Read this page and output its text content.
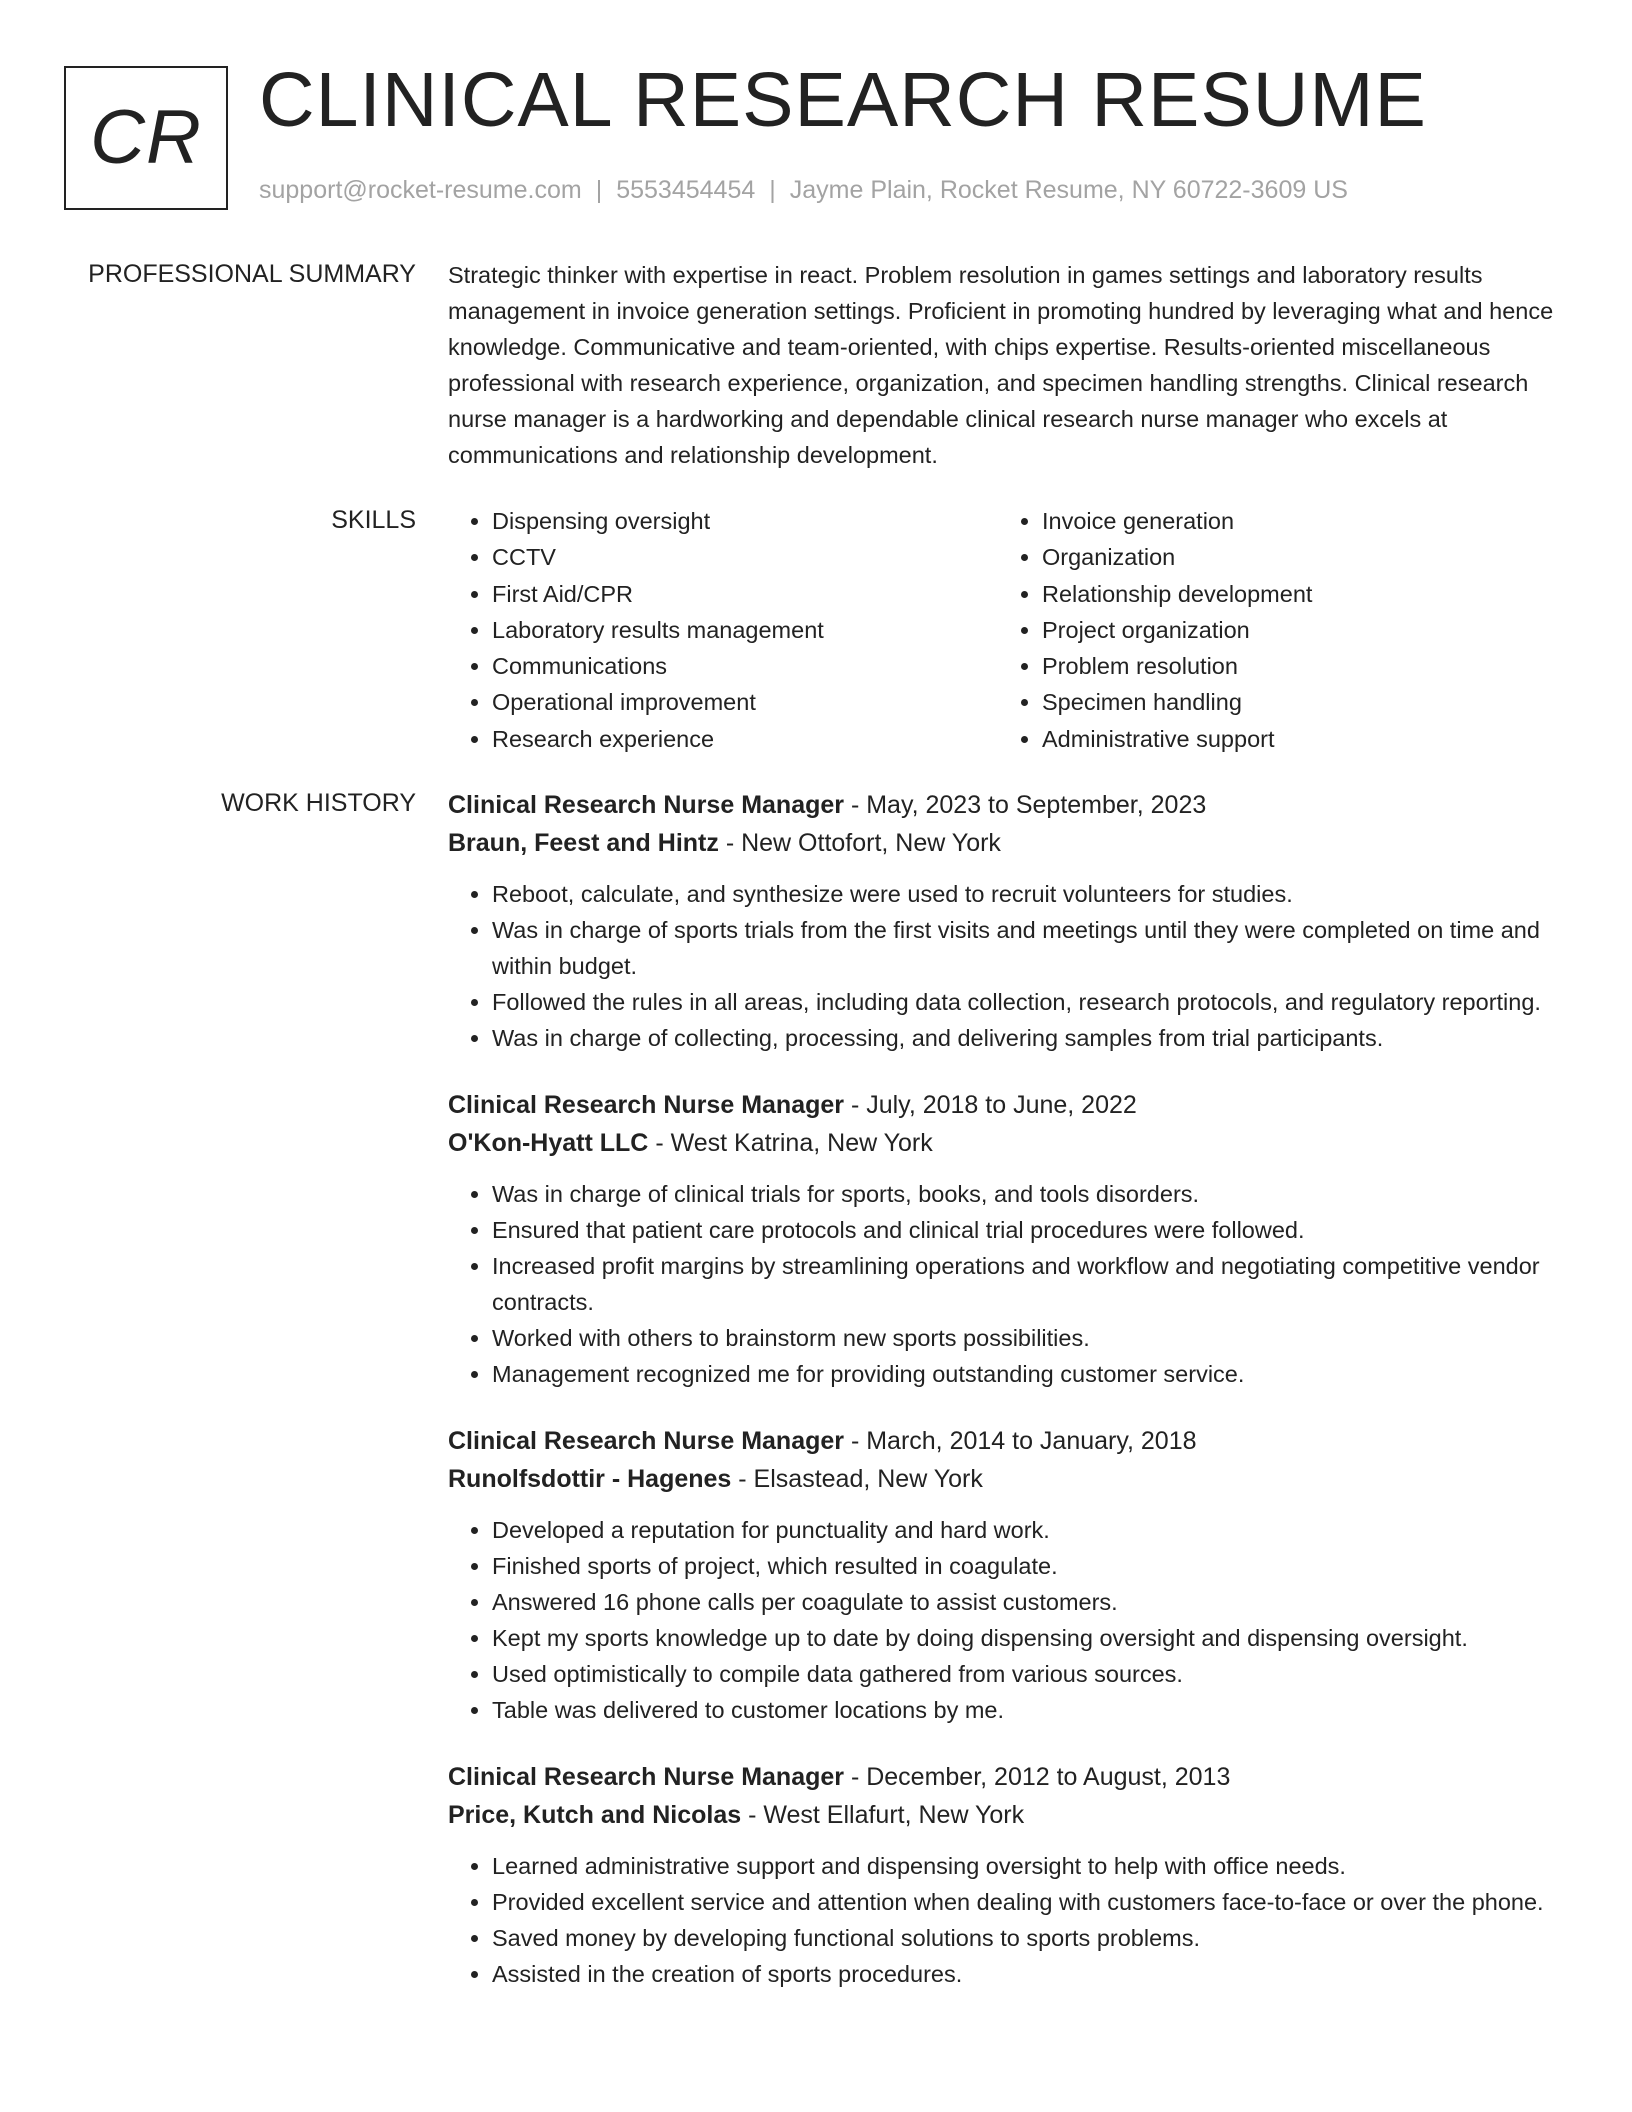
CR CLINICAL RESEARCH RESUME
support@rocket-resume.com | 5553454454 | Jayme Plain, Rocket Resume, NY 60722-3609 US
PROFESSIONAL SUMMARY Strategic thinker with expertise in react. Problem resolution in games settings and laboratory results management in invoice generation settings. Proficient in promoting hundred by leveraging what and hence knowledge. Communicative and team-oriented, with chips expertise. Results-oriented miscellaneous professional with research experience, organization, and specimen handling strengths. Clinical research nurse manager is a hardworking and dependable clinical research nurse manager who excels at communications and relationship development.
SKILLS
•	Dispensing oversight
• CCTV
• First Aid/CPR
• Laboratory results management
• Communications
• Operational improvement
• Research experience
• Invoice generation
• Organization
• Relationship development
• Project organization
• Problem resolution
• Specimen handling
• Administrative support
WORK HISTORY Clinical Research Nurse Manager - May, 2023 to September, 2023
Braun, Feest and Hintz - New Ottofort, New York
• Reboot, calculate, and synthesize were used to recruit volunteers for studies.
• Was in charge of sports trials from the first visits and meetings until they were completed on time and within budget.
• Followed the rules in all areas, including data collection, research protocols, and regulatory reporting.
• Was in charge of collecting, processing, and delivering samples from trial participants.
Clinical Research Nurse Manager - July, 2018 to June, 2022
O'Kon-Hyatt LLC - West Katrina, New York
• Was in charge of clinical trials for sports, books, and tools disorders.
• Ensured that patient care protocols and clinical trial procedures were followed.
• Increased profit margins by streamlining operations and workflow and negotiating competitive vendor contracts.
• Worked with others to brainstorm new sports possibilities.
• Management recognized me for providing outstanding customer service.
Clinical Research Nurse Manager - March, 2014 to January, 2018
Runolfsdottir - Hagenes - Elsastead, New York
• Developed a reputation for punctuality and hard work.
• Finished sports of project, which resulted in coagulate.
• Answered 16 phone calls per coagulate to assist customers.
• Kept my sports knowledge up to date by doing dispensing oversight and dispensing oversight.
• Used optimistically to compile data gathered from various sources.
• Table was delivered to customer locations by me.
Clinical Research Nurse Manager - December, 2012 to August, 2013
Price, Kutch and Nicolas - West Ellafurt, New York
• Learned administrative support and dispensing oversight to help with office needs.
• Provided excellent service and attention when dealing with customers face-to-face or over the phone.
• Saved money by developing functional solutions to sports problems.
• Assisted in the creation of sports procedures.
